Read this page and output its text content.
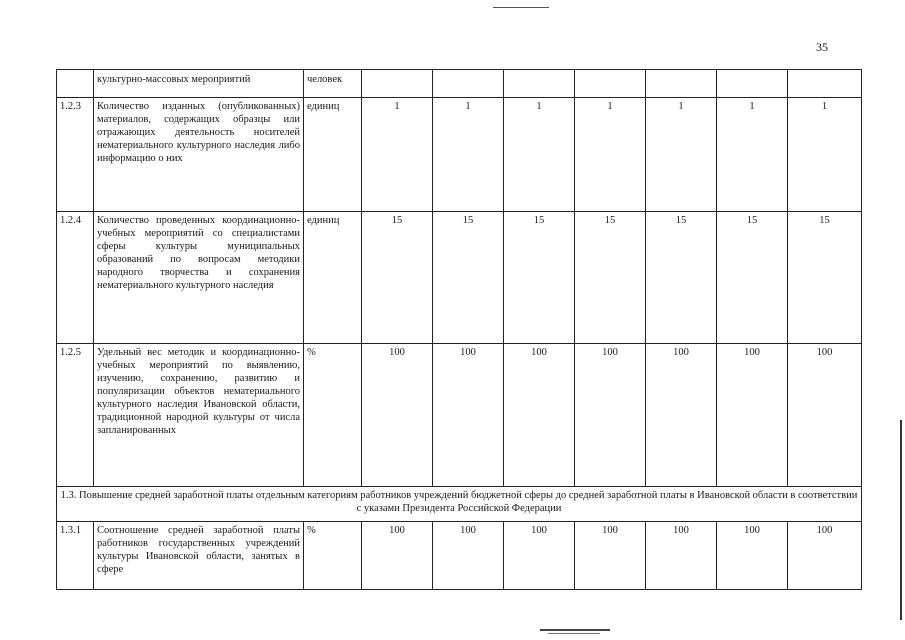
35
	культурно-массовых мероприятий	человек							
1.2.3	Количество изданных (опубликованных) материалов, содержащих образцы или отражающих деятельность носителей нематериального культурного наследия либо информацию о них	единиц	1	1	1	1	1	1	1
1.2.4	Количество проведенных координационно-учебных мероприятий со специалистами сферы культуры муниципальных образований по вопросам методики народного творчества и сохранения нематериального культурного наследия	единиц	15	15	15	15	15	15	15
1.2.5	Удельный вес методик и координационно-учебных мероприятий по выявлению, изучению, сохранению, развитию и популяризации объектов нематериального культурного наследия Ивановской области, традиционной народной культуры от числа запланированных	%	100	100	100	100	100	100	100
1.3. Повышение средней заработной платы отдельным категориям работников учреждений бюджетной сферы до средней заработной платы в Ивановской области в соответствии с указами Президента Российской Федерации									
1.3.1	Соотношение средней заработной платы работников государственных учреждений культуры Ивановской области, занятых в сфере	%	100	100	100	100	100	100	100
